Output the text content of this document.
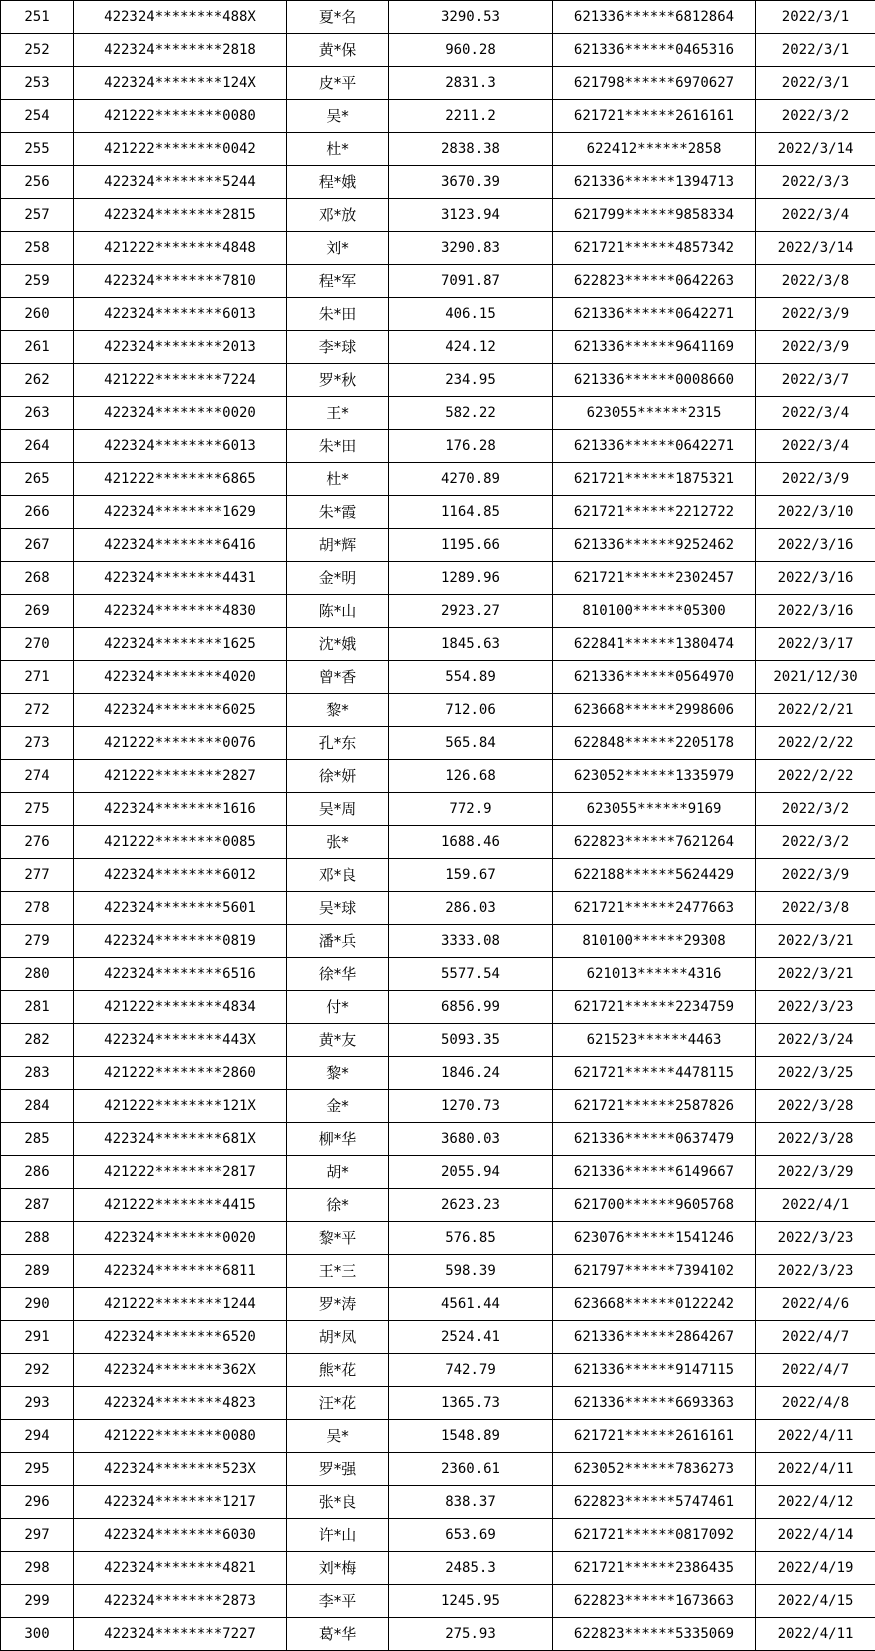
251	422324********488X	夏*名	3290.53	621336******6812864	2022/3/1
252	422324********2818	黄*保	960.28	621336******0465316	2022/3/1
253	422324********124X	皮*平	2831.3	621798******6970627	2022/3/1
254	421222********0080	吴*	2211.2	621721******2616161	2022/3/2
255	421222********0042	杜*	2838.38	622412******2858	2022/3/14
256	422324********5244	程*娥	3670.39	621336******1394713	2022/3/3
257	422324********2815	邓*放	3123.94	621799******9858334	2022/3/4
258	421222********4848	刘*	3290.83	621721******4857342	2022/3/14
259	422324********7810	程*军	7091.87	622823******0642263	2022/3/8
260	422324********6013	朱*田	406.15	621336******0642271	2022/3/9
261	422324********2013	李*球	424.12	621336******9641169	2022/3/9
262	421222********7224	罗*秋	234.95	621336******0008660	2022/3/7
263	422324********0020	王*	582.22	623055******2315	2022/3/4
264	422324********6013	朱*田	176.28	621336******0642271	2022/3/4
265	421222********6865	杜*	4270.89	621721******1875321	2022/3/9
266	422324********1629	朱*霞	1164.85	621721******2212722	2022/3/10
267	422324********6416	胡*辉	1195.66	621336******9252462	2022/3/16
268	422324********4431	金*明	1289.96	621721******2302457	2022/3/16
269	422324********4830	陈*山	2923.27	810100******05300	2022/3/16
270	422324********1625	沈*娥	1845.63	622841******1380474	2022/3/17
271	422324********4020	曾*香	554.89	621336******0564970	2021/12/30
272	422324********6025	黎*	712.06	623668******2998606	2022/2/21
273	421222********0076	孔*东	565.84	622848******2205178	2022/2/22
274	421222********2827	徐*妍	126.68	623052******1335979	2022/2/22
275	422324********1616	吴*周	772.9	623055******9169	2022/3/2
276	421222********0085	张*	1688.46	622823******7621264	2022/3/2
277	422324********6012	邓*良	159.67	622188******5624429	2022/3/9
278	422324********5601	吴*球	286.03	621721******2477663	2022/3/8
279	422324********0819	潘*兵	3333.08	810100******29308	2022/3/21
280	422324********6516	徐*华	5577.54	621013******4316	2022/3/21
281	421222********4834	付*	6856.99	621721******2234759	2022/3/23
282	422324********443X	黄*友	5093.35	621523******4463	2022/3/24
283	421222********2860	黎*	1846.24	621721******4478115	2022/3/25
284	421222********121X	金*	1270.73	621721******2587826	2022/3/28
285	422324********681X	柳*华	3680.03	621336******0637479	2022/3/28
286	421222********2817	胡*	2055.94	621336******6149667	2022/3/29
287	421222********4415	徐*	2623.23	621700******9605768	2022/4/1
288	422324********0020	黎*平	576.85	623076******1541246	2022/3/23
289	422324********6811	王*三	598.39	621797******7394102	2022/3/23
290	421222********1244	罗*涛	4561.44	623668******0122242	2022/4/6
291	422324********6520	胡*凤	2524.41	621336******2864267	2022/4/7
292	422324********362X	熊*花	742.79	621336******9147115	2022/4/7
293	422324********4823	汪*花	1365.73	621336******6693363	2022/4/8
294	421222********0080	吴*	1548.89	621721******2616161	2022/4/11
295	422324********523X	罗*强	2360.61	623052******7836273	2022/4/11
296	422324********1217	张*良	838.37	622823******5747461	2022/4/12
297	422324********6030	许*山	653.69	621721******0817092	2022/4/14
298	422324********4821	刘*梅	2485.3	621721******2386435	2022/4/19
299	422324********2873	李*平	1245.95	622823******1673663	2022/4/15
300	422324********7227	葛*华	275.93	622823******5335069	2022/4/11
